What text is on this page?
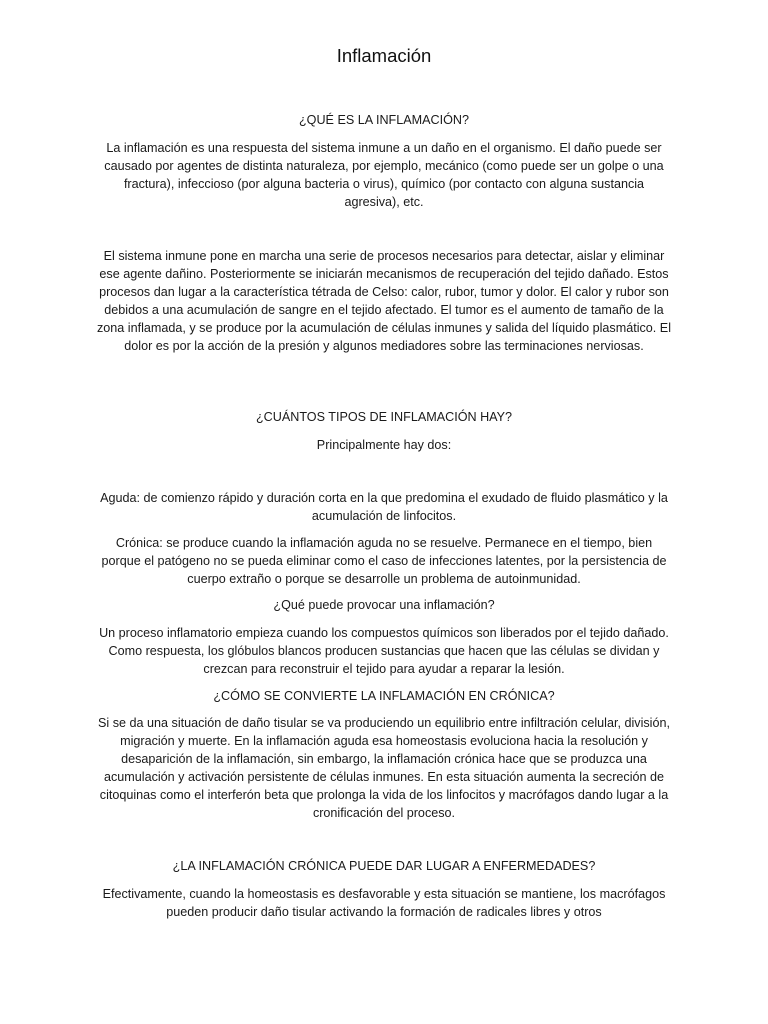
Inflamación
¿QUÉ ES LA INFLAMACIÓN?
La inflamación es una respuesta del sistema inmune a un daño en el organismo. El daño puede ser causado por agentes de distinta naturaleza, por ejemplo, mecánico (como puede ser un golpe o una fractura), infeccioso (por alguna bacteria o virus), químico (por contacto con alguna sustancia agresiva), etc.
El sistema inmune pone en marcha una serie de procesos necesarios para detectar, aislar y eliminar ese agente dañino. Posteriormente se iniciarán mecanismos de recuperación del tejido dañado. Estos procesos dan lugar a la característica tétrada de Celso: calor, rubor, tumor y dolor. El calor y rubor son debidos a una acumulación de sangre en el tejido afectado. El tumor es el aumento de tamaño de la zona inflamada, y se produce por la acumulación de células inmunes y salida del líquido plasmático. El dolor es por la acción de la presión y algunos mediadores sobre las terminaciones nerviosas.
¿CUÁNTOS TIPOS DE INFLAMACIÓN HAY?
Principalmente hay dos:
Aguda: de comienzo rápido y duración corta en la que predomina el exudado de fluido plasmático y la acumulación de linfocitos.
Crónica: se produce cuando la inflamación aguda no se resuelve. Permanece en el tiempo, bien porque el patógeno no se pueda eliminar como el caso de infecciones latentes, por la persistencia de cuerpo extraño o porque se desarrolle un problema de autoinmunidad.
¿Qué puede provocar una inflamación?
Un proceso inflamatorio empieza cuando los compuestos químicos son liberados por el tejido dañado. Como respuesta, los glóbulos blancos producen sustancias que hacen que las células se dividan y crezcan para reconstruir el tejido para ayudar a reparar la lesión.
¿CÓMO SE CONVIERTE LA INFLAMACIÓN EN CRÓNICA?
Si se da una situación de daño tisular se va produciendo un equilibrio entre infiltración celular, división, migración y muerte. En la inflamación aguda esa homeostasis evoluciona hacia la resolución y desaparición de la inflamación, sin embargo, la inflamación crónica hace que se produzca una acumulación y activación persistente de células inmunes. En esta situación aumenta la secreción de citoquinas como el interferón beta que prolonga la vida de los linfocitos y macrófagos dando lugar a la cronificación del proceso.
¿LA INFLAMACIÓN CRÓNICA PUEDE DAR LUGAR A ENFERMEDADES?
Efectivamente, cuando la homeostasis es desfavorable y esta situación se mantiene, los macrófagos pueden producir daño tisular activando la formación de radicales libres y otros
